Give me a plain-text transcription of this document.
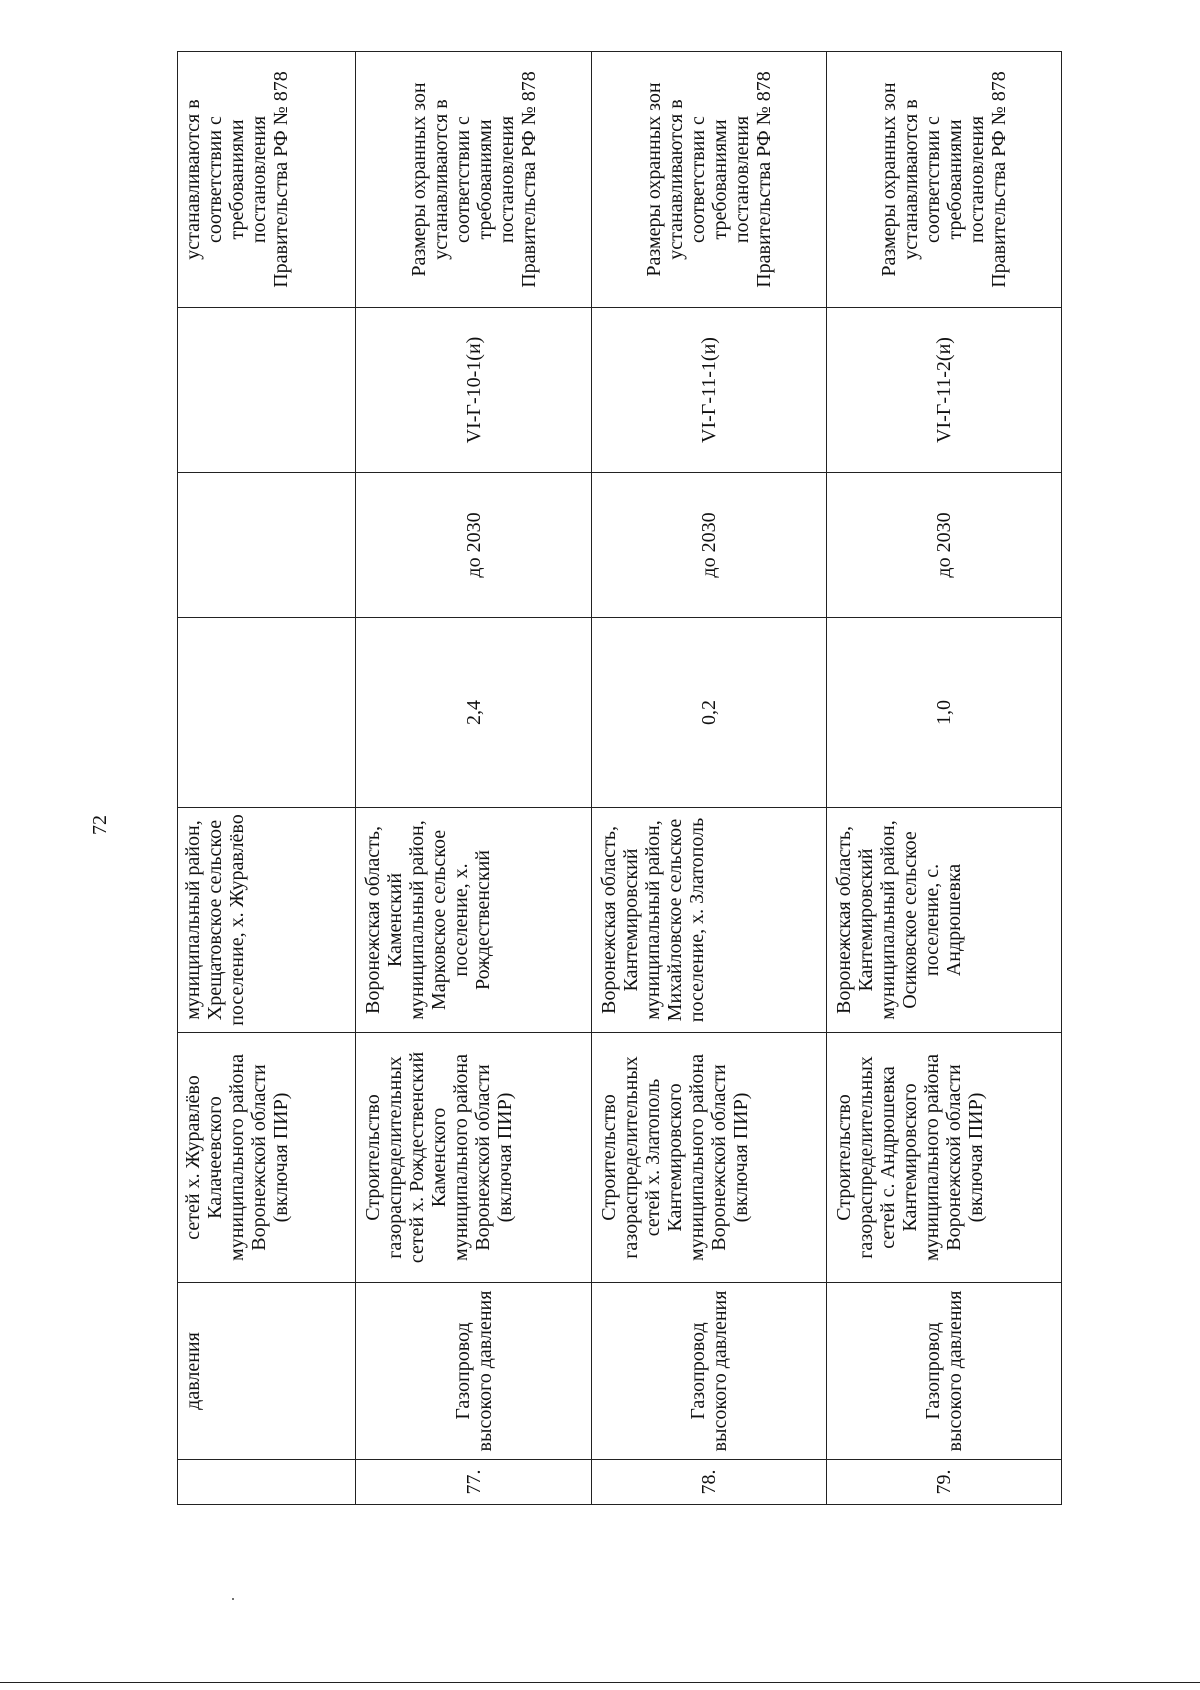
72
	давления	сетей х. Журавлёво Калачеевского муниципального района Воронежской области (включая ПИР)	муниципальный район, Хрещатовское сельское поселение, х. Журавлёво				устанавливаются в соответствии с требованиями постановления Правительства РФ № 878
77.	Газопровод высокого давления	Строительство газораспределительных сетей х. Рождественский Каменского муниципального района Воронежской области (включая ПИР)	Воронежская область, Каменский муниципальный район, Марковское сельское поселение, х. Рождественский	2,4	до 2030	VI-Г-10-1(и)	Размеры охранных зон устанавливаются в соответствии с требованиями постановления Правительства РФ № 878
78.	Газопровод высокого давления	Строительство газораспределительных сетей х. Златополь Кантемировского муниципального района Воронежской области (включая ПИР)	Воронежская область, Кантемировский муниципальный район, Михайловское сельское поселение, х. Златополь	0,2	до 2030	VI-Г-11-1(и)	Размеры охранных зон устанавливаются в соответствии с требованиями постановления Правительства РФ № 878
79.	Газопровод высокого давления	Строительство газораспределительных сетей с. Андрюшевка Кантемировского муниципального района Воронежской области (включая ПИР)	Воронежская область, Кантемировский муниципальный район, Осиковское сельское поселение, с. Андрюшевка	1,0	до 2030	VI-Г-11-2(и)	Размеры охранных зон устанавливаются в соответствии с требованиями постановления Правительства РФ № 878
